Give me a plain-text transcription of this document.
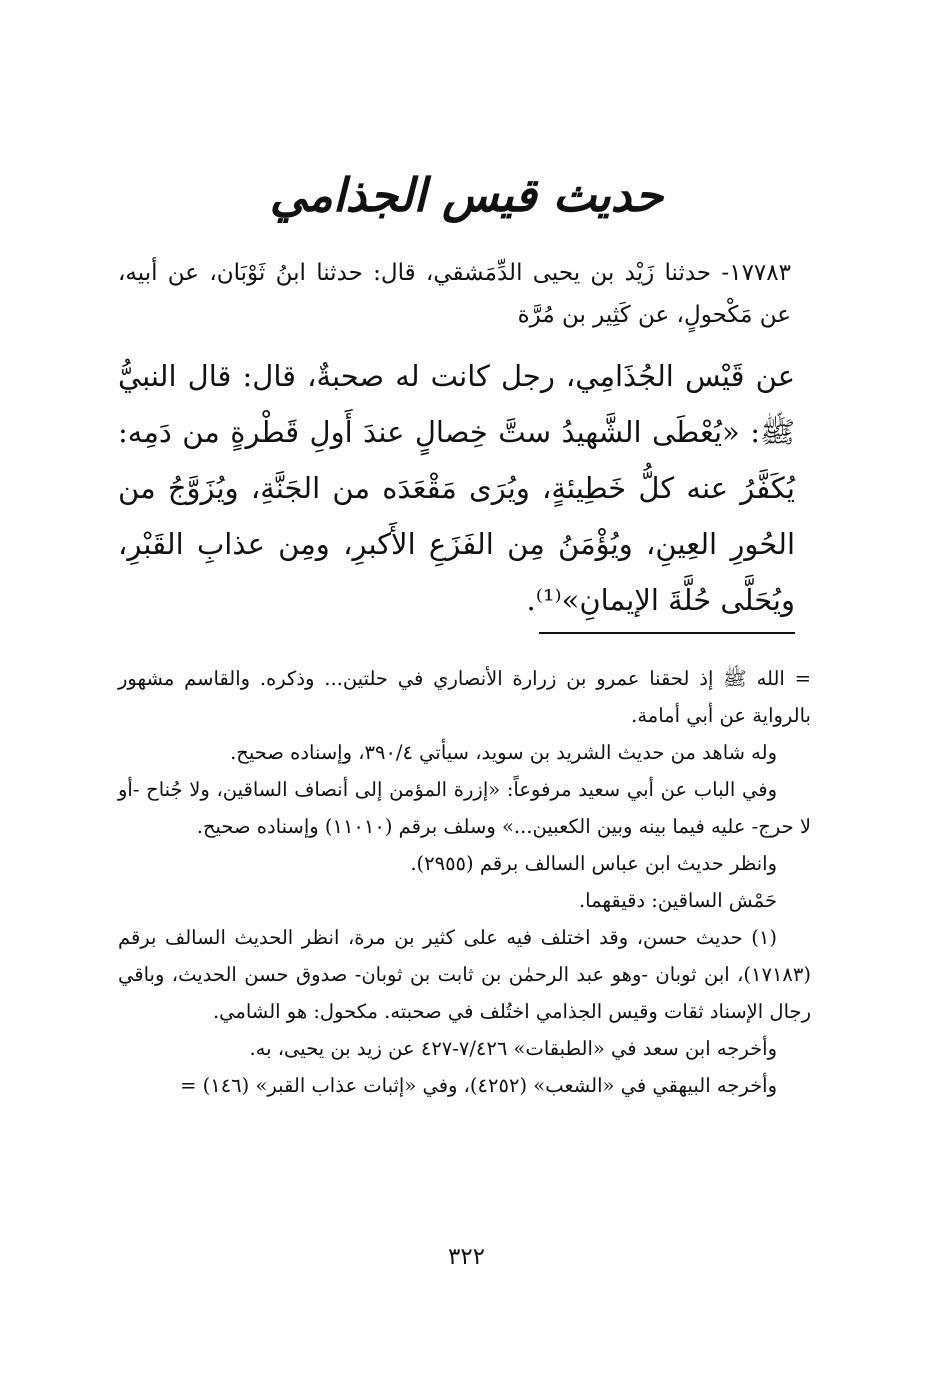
حديث قيس الجذامي

١٧٧٨٣- حدثنا زَيْد بن يحيى الدِّمَشقي، قال: حدثنا ابنُ ثَوْبَان، عن أبيه، عن مَكْحولٍ، عن كَثِير بن مُرَّة

عن قَيْس الجُذَامِي، رجل كانت له صحبةٌ، قال: قال النبيُّ ﷺ: «يُعْطَى الشَّهيدُ ستَّ خِصالٍ عندَ أَولِ قَطْرةٍ من دَمِه: يُكَفَّرُ عنه كلُّ خَطِيئةٍ، ويُرَى مَقْعَدَه من الجَنَّةِ، ويُزَوَّجُ من الحُورِ العِينِ، ويُؤْمَنُ مِن الفَزَعِ الأَكبرِ، ومِن عذابِ القَبْرِ، ويُحَلَّى حُلَّةَ الإيمانِ»⁽¹⁾.

= الله ﷺ إذ لحقنا عمرو بن زرارة الأنصاري في حلتين... وذكره. والقاسم مشهور بالرواية عن أبي أمامة.

وله شاهد من حديث الشريد بن سويد، سيأتي ٣٩٠/٤، وإسناده صحيح.

وفي الباب عن أبي سعيد مرفوعاً: «إزرة المؤمن إلى أنصاف الساقين، ولا جُناح -أو لا حرج- عليه فيما بينه وبين الكعبين...» وسلف برقم (١١٠١٠) وإسناده صحيح.

وانظر حديث ابن عباس السالف برقم (٢٩٥٥).

حَمْش الساقين: دقيقهما.

(١) حديث حسن، وقد اختلف فيه على كثير بن مرة، انظر الحديث السالف برقم (١٧١٨٣)، ابن ثوبان -وهو عبد الرحمٰن بن ثابت بن ثوبان- صدوق حسن الحديث، وباقي رجال الإسناد ثقات وقيس الجذامي اختُلف في صحبته. مكحول: هو الشامي.

وأخرجه ابن سعد في «الطبقات» ٧/٤٢٦-٤٢٧ عن زيد بن يحيى، به.

وأخرجه البيهقي في «الشعب» (٤٢٥٢)، وفي «إثبات عذاب القبر» (١٤٦) =

٣٢٢
